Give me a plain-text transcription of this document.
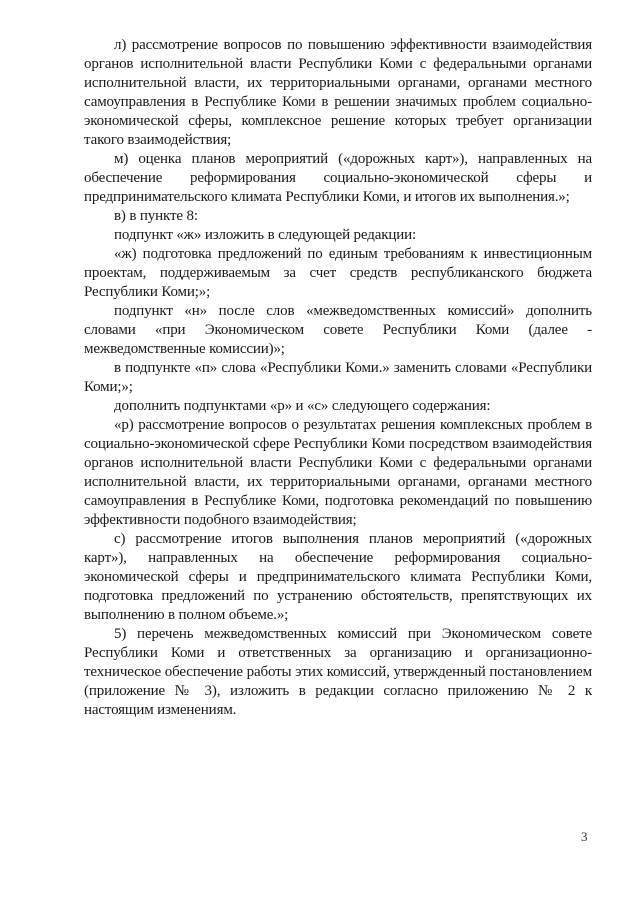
л) рассмотрение вопросов по повышению эффективности взаимодействия органов исполнительной власти Республики Коми с федеральными органами исполнительной власти, их территориальными органами, органами местного самоуправления в Республике Коми в решении значимых проблем социально-экономической сферы, комплексное решение которых требует организации такого взаимодействия;

м) оценка планов мероприятий («дорожных карт»), направленных на обеспечение реформирования социально-экономической сферы и предпринимательского климата Республики Коми, и итогов их выполнения.»;

в) в пункте 8:

подпункт «ж» изложить в следующей редакции:

«ж) подготовка предложений по единым требованиям к инвестиционным проектам, поддерживаемым за счет средств республиканского бюджета Республики Коми;»;

подпункт «н» после слов «межведомственных комиссий» дополнить словами «при Экономическом совете Республики Коми (далее - межведомственные комиссии)»;

в подпункте «п» слова «Республики Коми.» заменить словами «Республики Коми;»;

дополнить подпунктами «р» и «с» следующего содержания:

«р) рассмотрение вопросов о результатах решения комплексных проблем в социально-экономической сфере Республики Коми посредством взаимодействия органов исполнительной власти Республики Коми с федеральными органами исполнительной власти, их территориальными органами, органами местного самоуправления в Республике Коми, подготовка рекомендаций по повышению эффективности подобного взаимодействия;

с) рассмотрение итогов выполнения планов мероприятий («дорожных карт»), направленных на обеспечение реформирования социально-экономической сферы и предпринимательского климата Республики Коми, подготовка предложений по устранению обстоятельств, препятствующих их выполнению в полном объеме.»;

5) перечень межведомственных комиссий при Экономическом совете Республики Коми и ответственных за организацию и организационно-техническое обеспечение работы этих комиссий, утвержденный постановлением (приложение № 3), изложить в редакции согласно приложению № 2 к настоящим изменениям.

3
